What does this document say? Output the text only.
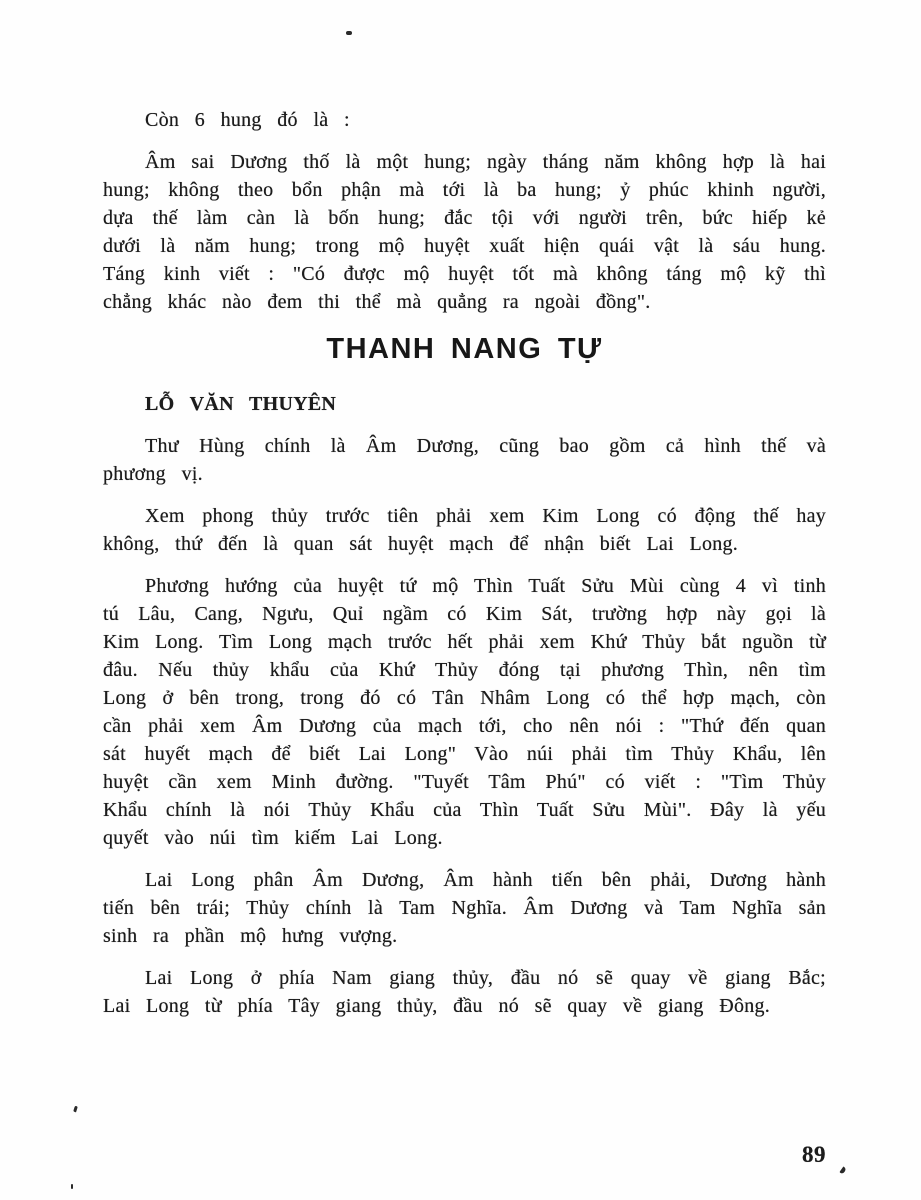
Còn 6 hung đó là :

Âm sai Dương thố là một hung; ngày tháng năm không hợp là hai hung; không theo bổn phận mà tới là ba hung; ỷ phúc khinh người, dựa thế làm càn là bốn hung; đắc tội với người trên, bức hiếp kẻ dưới là năm hung; trong mộ huyệt xuất hiện quái vật là sáu hung. Táng kinh viết : "Có được mộ huyệt tốt mà không táng mộ kỹ thì chẳng khác nào đem thi thể mà quẳng ra ngoài đồng".

THANH NANG TỰ

LỖ VĂN THUYÊN

Thư Hùng chính là Âm Dương, cũng bao gồm cả hình thế và phương vị.

Xem phong thủy trước tiên phải xem Kim Long có động thế hay không, thứ đến là quan sát huyệt mạch để nhận biết Lai Long.

Phương hướng của huyệt tứ mộ Thìn Tuất Sửu Mùi cùng 4 vì tinh tú Lâu, Cang, Ngưu, Quỉ ngầm có Kim Sát, trường hợp này gọi là Kim Long. Tìm Long mạch trước hết phải xem Khứ Thủy bắt nguồn từ đâu. Nếu thủy khẩu của Khứ Thủy đóng tại phương Thìn, nên tìm Long ở bên trong, trong đó có Tân Nhâm Long có thể hợp mạch, còn cần phải xem Âm Dương của mạch tới, cho nên nói : "Thứ đến quan sát huyết mạch để biết Lai Long" Vào núi phải tìm Thủy Khẩu, lên huyệt cần xem Minh đường. "Tuyết Tâm Phú" có viết : "Tìm Thủy Khẩu chính là nói Thủy Khẩu của Thìn Tuất Sửu Mùi". Đây là yếu quyết vào núi tìm kiếm Lai Long.

Lai Long phân Âm Dương, Âm hành tiến bên phải, Dương hành tiến bên trái; Thủy chính là Tam Nghĩa. Âm Dương và Tam Nghĩa sản sinh ra phần mộ hưng vượng.

Lai Long ở phía Nam giang thủy, đầu nó sẽ quay về giang Bắc; Lai Long từ phía Tây giang thủy, đầu nó sẽ quay về giang Đông.

89
